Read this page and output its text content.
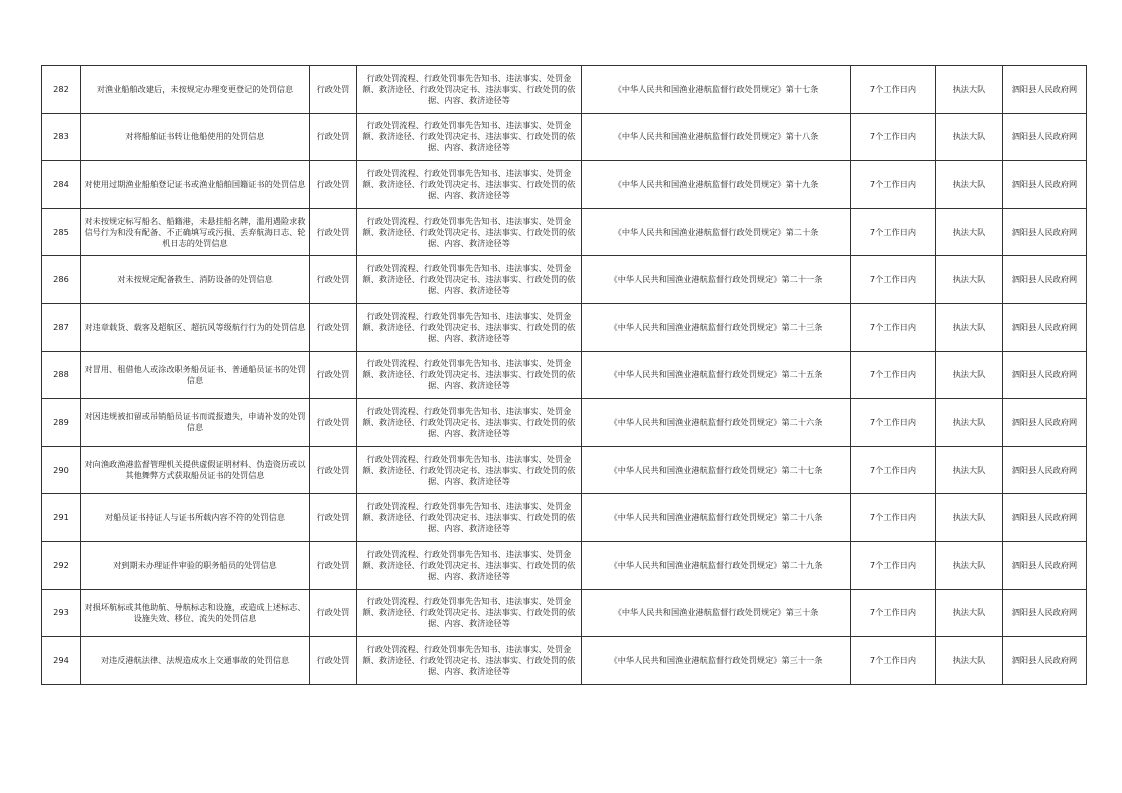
282	对渔业船舶改建后，未按规定办理变更登记的处罚信息	行政处罚	行政处罚流程、行政处罚事先告知书、违法事实、处罚金额、救济途径、行政处罚决定书、违法事实、行政处罚的依据、内容、救济途径等	《中华人民共和国渔业港航监督行政处罚规定》第十七条	7个工作日内	执法大队	泗阳县人民政府网
283	对将船舶证书转让他船使用的处罚信息	行政处罚	行政处罚流程、行政处罚事先告知书、违法事实、处罚金额、救济途径、行政处罚决定书、违法事实、行政处罚的依据、内容、救济途径等	《中华人民共和国渔业港航监督行政处罚规定》第十八条	7个工作日内	执法大队	泗阳县人民政府网
284	对使用过期渔业船舶登记证书或渔业船舶国籍证书的处罚信息	行政处罚	行政处罚流程、行政处罚事先告知书、违法事实、处罚金额、救济途径、行政处罚决定书、违法事实、行政处罚的依据、内容、救济途径等	《中华人民共和国渔业港航监督行政处罚规定》第十九条	7个工作日内	执法大队	泗阳县人民政府网
285	对未按规定标写船名、船籍港，未悬挂船名牌，滥用遇险求救信号行为和没有配备、不正确填写或污损、丢弃航海日志、轮机日志的处罚信息	行政处罚	行政处罚流程、行政处罚事先告知书、违法事实、处罚金额、救济途径、行政处罚决定书、违法事实、行政处罚的依据、内容、救济途径等	《中华人民共和国渔业港航监督行政处罚规定》第二十条	7个工作日内	执法大队	泗阳县人民政府网
286	对未按规定配备救生、消防设备的处罚信息	行政处罚	行政处罚流程、行政处罚事先告知书、违法事实、处罚金额、救济途径、行政处罚决定书、违法事实、行政处罚的依据、内容、救济途径等	《中华人民共和国渔业港航监督行政处罚规定》第二十一条	7个工作日内	执法大队	泗阳县人民政府网
287	对违章载货、载客及超航区、超抗风等级航行行为的处罚信息	行政处罚	行政处罚流程、行政处罚事先告知书、违法事实、处罚金额、救济途径、行政处罚决定书、违法事实、行政处罚的依据、内容、救济途径等	《中华人民共和国渔业港航监督行政处罚规定》第二十三条	7个工作日内	执法大队	泗阳县人民政府网
288	对冒用、租借他人或涂改职务船员证书、普通船员证书的处罚信息	行政处罚	行政处罚流程、行政处罚事先告知书、违法事实、处罚金额、救济途径、行政处罚决定书、违法事实、行政处罚的依据、内容、救济途径等	《中华人民共和国渔业港航监督行政处罚规定》第二十五条	7个工作日内	执法大队	泗阳县人民政府网
289	对因违规被扣留或吊销船员证书而谎报遗失，申请补发的处罚信息	行政处罚	行政处罚流程、行政处罚事先告知书、违法事实、处罚金额、救济途径、行政处罚决定书、违法事实、行政处罚的依据、内容、救济途径等	《中华人民共和国渔业港航监督行政处罚规定》第二十六条	7个工作日内	执法大队	泗阳县人民政府网
290	对向渔政渔港监督管理机关提供虚假证明材料、伪造资历或以其他舞弊方式获取船员证书的处罚信息	行政处罚	行政处罚流程、行政处罚事先告知书、违法事实、处罚金额、救济途径、行政处罚决定书、违法事实、行政处罚的依据、内容、救济途径等	《中华人民共和国渔业港航监督行政处罚规定》第二十七条	7个工作日内	执法大队	泗阳县人民政府网
291	对船员证书持证人与证书所载内容不符的处罚信息	行政处罚	行政处罚流程、行政处罚事先告知书、违法事实、处罚金额、救济途径、行政处罚决定书、违法事实、行政处罚的依据、内容、救济途径等	《中华人民共和国渔业港航监督行政处罚规定》第二十八条	7个工作日内	执法大队	泗阳县人民政府网
292	对到期未办理证件审验的职务船员的处罚信息	行政处罚	行政处罚流程、行政处罚事先告知书、违法事实、处罚金额、救济途径、行政处罚决定书、违法事实、行政处罚的依据、内容、救济途径等	《中华人民共和国渔业港航监督行政处罚规定》第二十九条	7个工作日内	执法大队	泗阳县人民政府网
293	对损坏航标或其他助航、导航标志和设施，或造成上述标志、设施失效、移位、流失的处罚信息	行政处罚	行政处罚流程、行政处罚事先告知书、违法事实、处罚金额、救济途径、行政处罚决定书、违法事实、行政处罚的依据、内容、救济途径等	《中华人民共和国渔业港航监督行政处罚规定》第三十条	7个工作日内	执法大队	泗阳县人民政府网
294	对违反港航法律、法规造成水上交通事故的处罚信息	行政处罚	行政处罚流程、行政处罚事先告知书、违法事实、处罚金额、救济途径、行政处罚决定书、违法事实、行政处罚的依据、内容、救济途径等	《中华人民共和国渔业港航监督行政处罚规定》第三十一条	7个工作日内	执法大队	泗阳县人民政府网
